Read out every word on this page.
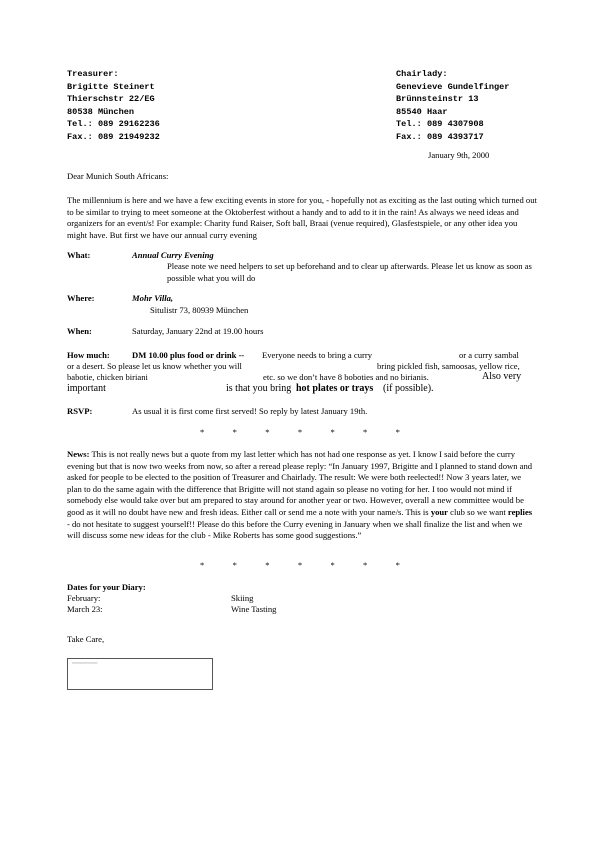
Treasurer:
Brigitte Steinert
Thierschstr 22/EG
80538 München
Tel.: 089 29162236
Fax.: 089 21949232
Chairlady:
Genevieve Gundelfinger
Brünnsteinstr 13
85540 Haar
Tel.: 089 4307908
Fax.: 089 4393717
January 9th, 2000
Dear Munich South Africans:
The millennium is here and we have a few exciting events in store for you, - hopefully not as exciting as the last outing which turned out to be similar to trying to meet someone at the Oktoberfest without a handy and to add to it in the rain! As always we need ideas and organizers for an event/s! For example: Charity fund Raiser, Soft ball, Braai (venue required), Glasfestspiele, or any other idea you might have. But first we have our annual curry evening
What:	Annual Curry Evening
Please note we need helpers to set up beforehand and to clear up afterwards. Please let us know as soon as possible what you will do
Where:	Mohr Villa,
Situlistr 73, 80939 München
When:	Saturday, January 22nd at 19.00 hours
How much:	DM 10.00 plus food or drink -- Everyone needs to bring a curry	or a curry sambal
or a desert. So please let us know whether you will	bring pickled fish, samoosas, yellow rice,
babotie, chicken biriani	etc. so we don’t have 8 boboties and no birianis.	Also very
important	is that you bring hot plates or trays (if possible).
RSVP:	As usual it is first come first served! So reply by latest January 19th.
*	*	*	*	*	*	*
News: This is not really news but a quote from my last letter which has not had one response as yet. I know I said before the curry evening but that is now two weeks from now, so after a reread please reply: “In January 1997, Brigitte and I planned to stand down and asked for people to be elected to the position of Treasurer and Chairlady. The result: We were both reelected!! Now 3 years later, we plan to do the same again with the difference that Brigitte will not stand again so please no voting for her. I too would not mind if somebody else would take over but am prepared to stay around for another year or two. However, overall a new committee would be good as it will no doubt have new and fresh ideas. Either call or send me a note with your name/s. This is your club so we want replies - do not hesitate to suggest yourself!! Please do this before the Curry evening in January when we shall finalize the list and when we will discuss some new ideas for the club - Mike Roberts has some good suggestions.”
*	*	*	*	*	*	*
Dates for your Diary:
February:	Skiing
March 23:	Wine Tasting
Take Care,
▭▭▭▭▭▭▭▭▭
